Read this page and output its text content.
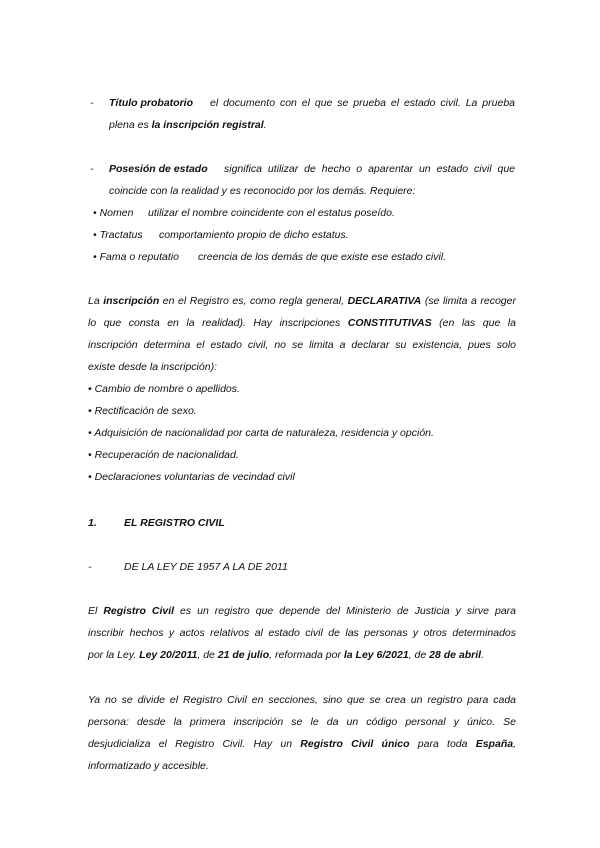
- Título probatorio el documento con el que se prueba el estado civil. La prueba
plena es la inscripción registral.
- Posesión de estado significa utilizar de hecho o aparentar un estado civil que
coincide con la realidad y es reconocido por los demás. Requiere:
• Nomen utilizar el nombre coincidente con el estatus poseído.
• Tractatus comportamiento propio de dicho estatus.
• Fama o reputatio creencia de los demás de que existe ese estado civil.
La inscripción en el Registro es, como regla general, DECLARATIVA (se limita a recoger
lo que consta en la realidad). Hay inscripciones CONSTITUTIVAS (en las que la
inscripción determina el estado civil, no se limita a declarar su existencia, pues solo
existe desde la inscripción):
• Cambio de nombre o apellidos.
• Rectificación de sexo.
• Adquisición de nacionalidad por carta de naturaleza, residencia y opción.
• Recuperación de nacionalidad.
• Declaraciones voluntarias de vecindad civil
1.	EL REGISTRO CIVIL
-	DE LA LEY DE 1957 A LA DE 2011
El Registro Civil es un registro que depende del Ministerio de Justicia y sirve para
inscribir hechos y actos relativos al estado civil de las personas y otros determinados
por la Ley. Ley 20/2011, de 21 de julio, reformada por la Ley 6/2021, de 28 de abril.
Ya no se divide el Registro Civil en secciones, sino que se crea un registro para cada
persona: desde la primera inscripción se le da un código personal y único. Se
desjudicializa el Registro Civil. Hay un Registro Civil único para toda España,
informatizado y accesible.
